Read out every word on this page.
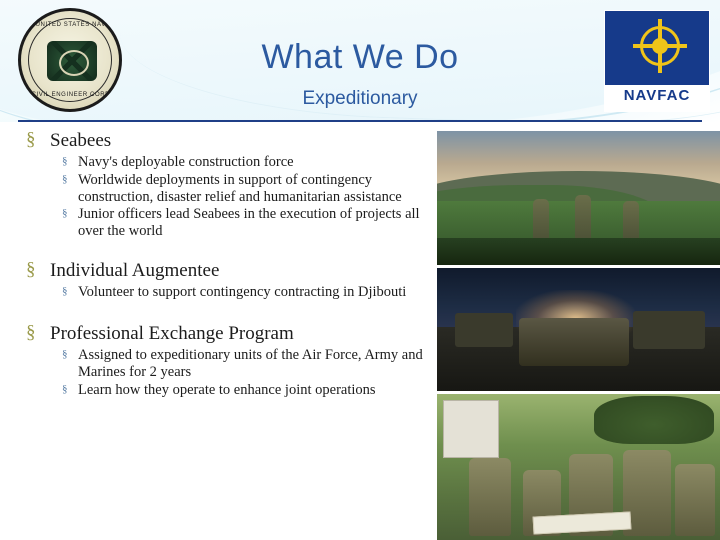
What We Do
Expeditionary
UNITED STATES NAVY
CIVIL ENGINEER CORPS	NAVFAC
§ Seabees
§ Navy's deployable construction force
§ Worldwide deployments in support of contingency construction, disaster relief and humanitarian assistance
§ Junior officers lead Seabees in the execution of projects all over the world
§ Individual Augmentee
§ Volunteer to support contingency contracting in Djibouti
§ Professional Exchange Program
§ Assigned to expeditionary units of the Air Force, Army and Marines for 2 years
§ Learn how they operate to enhance joint operations
